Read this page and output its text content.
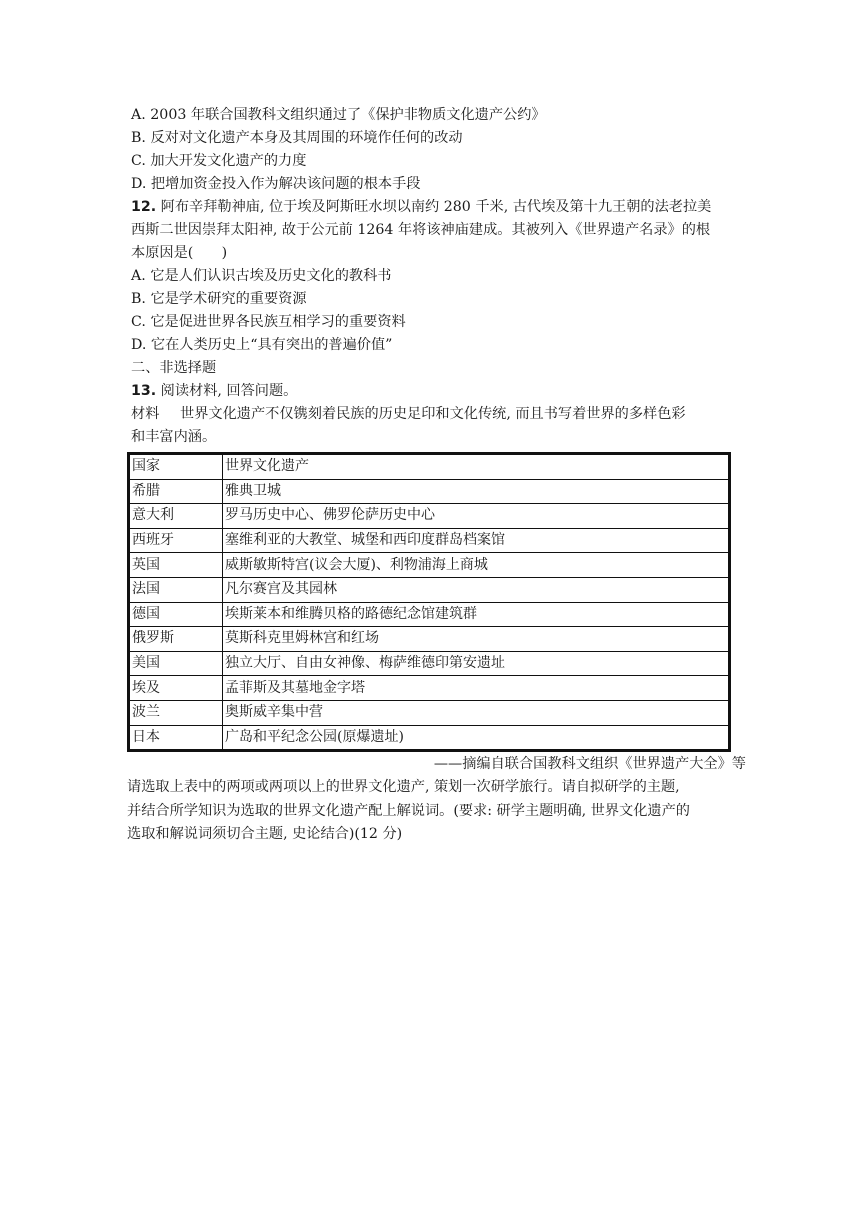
A. 2003 年联合国教科文组织通过了《保护非物质文化遗产公约》

B. 反对对文化遗产本身及其周围的环境作任何的改动

C. 加大开发文化遗产的力度

D. 把增加资金投入作为解决该问题的根本手段

12. 阿布辛拜勒神庙, 位于埃及阿斯旺水坝以南约 280 千米, 古代埃及第十九王朝的法老拉美

西斯二世因崇拜太阳神, 故于公元前 1264 年将该神庙建成。其被列入《世界遗产名录》的根

本原因是(　　)

A. 它是人们认识古埃及历史文化的教科书

B. 它是学术研究的重要资源

C. 它是促进世界各民族互相学习的重要资料

D. 它在人类历史上“具有突出的普遍价值”

二、非选择题

13. 阅读材料, 回答问题。

材料 世界文化遗产不仅镌刻着民族的历史足印和文化传统, 而且书写着世界的多样色彩

和丰富内涵。

国家	世界文化遗产
希腊	雅典卫城
意大利	罗马历史中心、佛罗伦萨历史中心
西班牙	塞维利亚的大教堂、城堡和西印度群岛档案馆
英国	威斯敏斯特宫(议会大厦)、利物浦海上商城
法国	凡尔赛宫及其园林
德国	埃斯莱本和维腾贝格的路德纪念馆建筑群
俄罗斯	莫斯科克里姆林宫和红场
美国	独立大厅、自由女神像、梅萨维德印第安遗址
埃及	孟菲斯及其墓地金字塔
波兰	奥斯威辛集中营
日本	广岛和平纪念公园(原爆遗址)
——摘编自联合国教科文组织《世界遗产大全》等

请选取上表中的两项或两项以上的世界文化遗产, 策划一次研学旅行。请自拟研学的主题,

并结合所学知识为选取的世界文化遗产配上解说词。(要求: 研学主题明确, 世界文化遗产的

选取和解说词须切合主题, 史论结合)(12 分)
